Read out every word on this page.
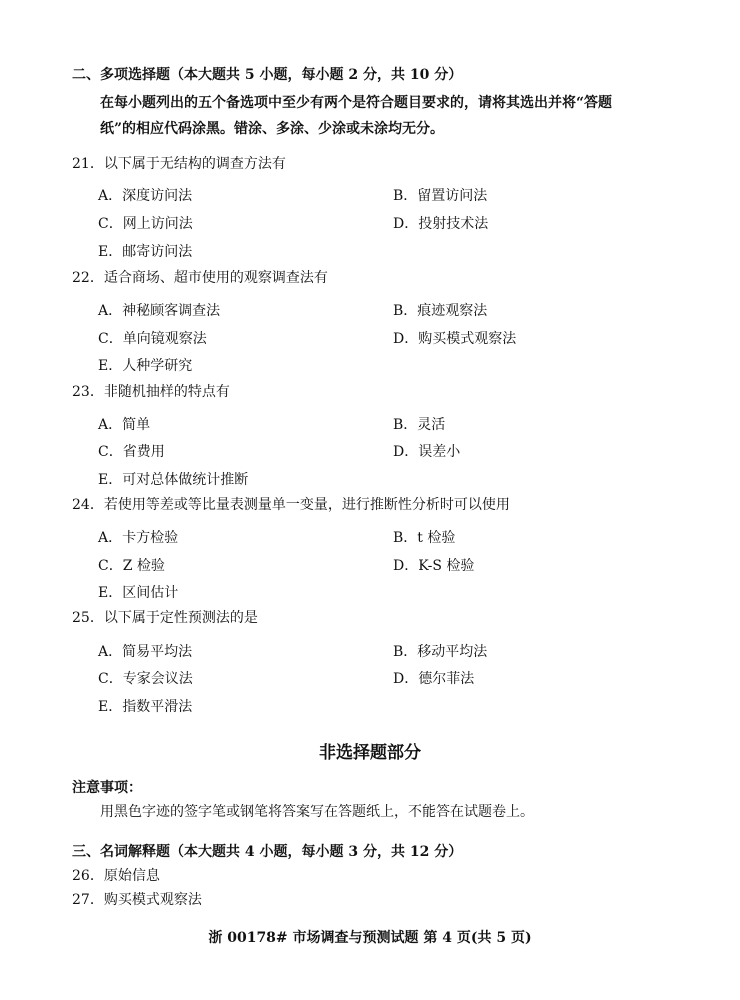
二、多项选择题（本大题共 5 小题，每小题 2 分，共 10 分）
在每小题列出的五个备选项中至少有两个是符合题目要求的，请将其选出并将“答题
纸”的相应代码涂黑。错涂、多涂、少涂或未涂均无分。
21．以下属于无结构的调查方法有
A．深度访问法	B．留置访问法
C．网上访问法	D．投射技术法
E．邮寄访问法
22．适合商场、超市使用的观察调查法有
A．神秘顾客调查法	B．痕迹观察法
C．单向镜观察法	D．购买模式观察法
E．人种学研究
23．非随机抽样的特点有
A．简单	B．灵活
C．省费用	D．误差小
E．可对总体做统计推断
24．若使用等差或等比量表测量单一变量，进行推断性分析时可以使用
A．卡方检验	B．t 检验
C．Z 检验	D．K-S 检验
E．区间估计
25．以下属于定性预测法的是
A．简易平均法	B．移动平均法
C．专家会议法	D．德尔菲法
E．指数平滑法
非选择题部分
注意事项：
用黑色字迹的签字笔或钢笔将答案写在答题纸上，不能答在试题卷上。
三、名词解释题（本大题共 4 小题，每小题 3 分，共 12 分）
26．原始信息
27．购买模式观察法
浙 00178# 市场调查与预测试题 第 4 页(共 5 页)
